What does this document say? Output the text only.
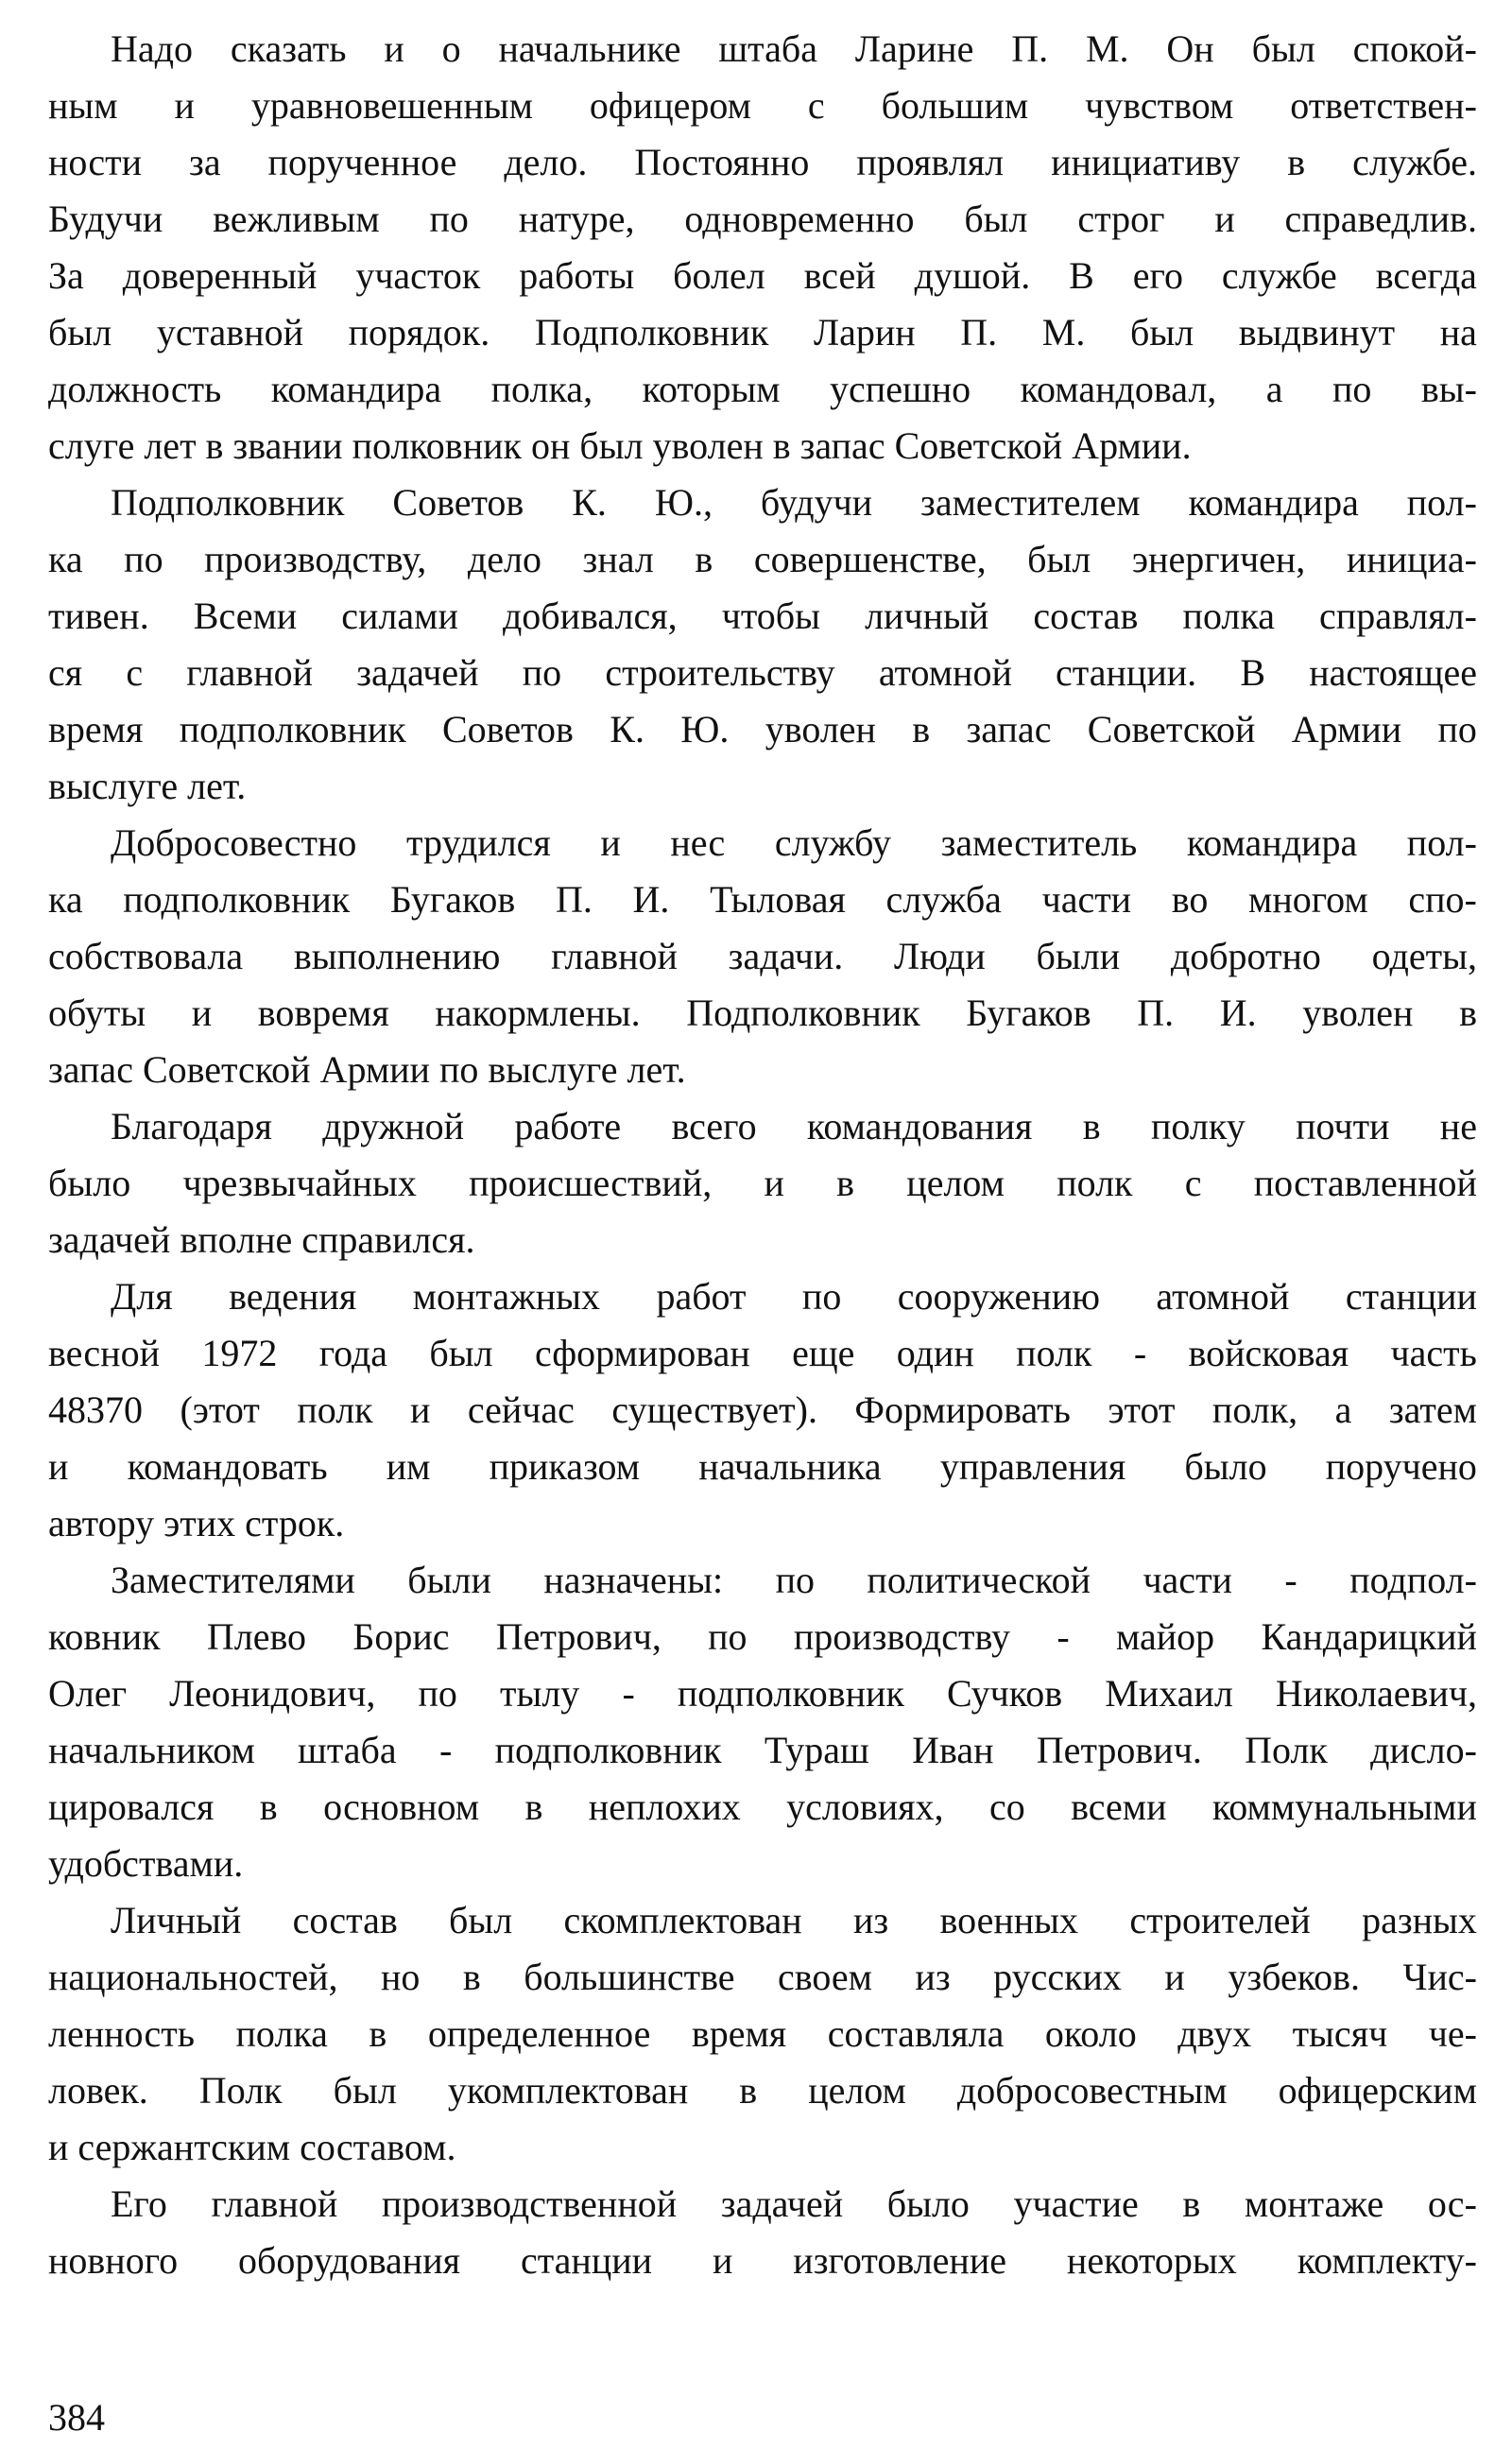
Надо сказать и о начальнике штаба Ларине П. М. Он был спокой-
ным и уравновешенным офицером с большим чувством ответствен-
ности за порученное дело. Постоянно проявлял инициативу в службе.
Будучи вежливым по натуре, одновременно был строг и справедлив.
За доверенный участок работы болел всей душой. В его службе всегда
был уставной порядок. Подполковник Ларин П. М. был выдвинут на
должность командира полка, которым успешно командовал, а по вы-
слуге лет в звании полковник он был уволен в запас Советской Армии.
Подполковник Советов К. Ю., будучи заместителем командира пол-
ка по производству, дело знал в совершенстве, был энергичен, инициа-
тивен. Всеми силами добивался, чтобы личный состав полка справлял-
ся с главной задачей по строительству атомной станции. В настоящее
время подполковник Советов К. Ю. уволен в запас Советской Армии по
выслуге лет.
Добросовестно трудился и нес службу заместитель командира пол-
ка подполковник Бугаков П. И. Тыловая служба части во многом спо-
собствовала выполнению главной задачи. Люди были добротно одеты,
обуты и вовремя накормлены. Подполковник Бугаков П. И. уволен в
запас Советской Армии по выслуге лет.
Благодаря дружной работе всего командования в полку почти не
было чрезвычайных происшествий, и в целом полк с поставленной
задачей вполне справился.
Для ведения монтажных работ по сооружению атомной станции
весной 1972 года был сформирован еще один полк - войсковая часть
48370 (этот полк и сейчас существует). Формировать этот полк, а затем
и командовать им приказом начальника управления было поручено
автору этих строк.
Заместителями были назначены: по политической части - подпол-
ковник Плево Борис Петрович, по производству - майор Кандарицкий
Олег Леонидович, по тылу - подполковник Сучков Михаил Николаевич,
начальником штаба - подполковник Тураш Иван Петрович. Полк дисло-
цировался в основном в неплохих условиях, со всеми коммунальными
удобствами.
Личный состав был скомплектован из военных строителей разных
национальностей, но в большинстве своем из русских и узбеков. Чис-
ленность полка в определенное время составляла около двух тысяч че-
ловек. Полк был укомплектован в целом добросовестным офицерским
и сержантским составом.
Его главной производственной задачей было участие в монтаже ос-
новного оборудования станции и изготовление некоторых комплекту-
384
